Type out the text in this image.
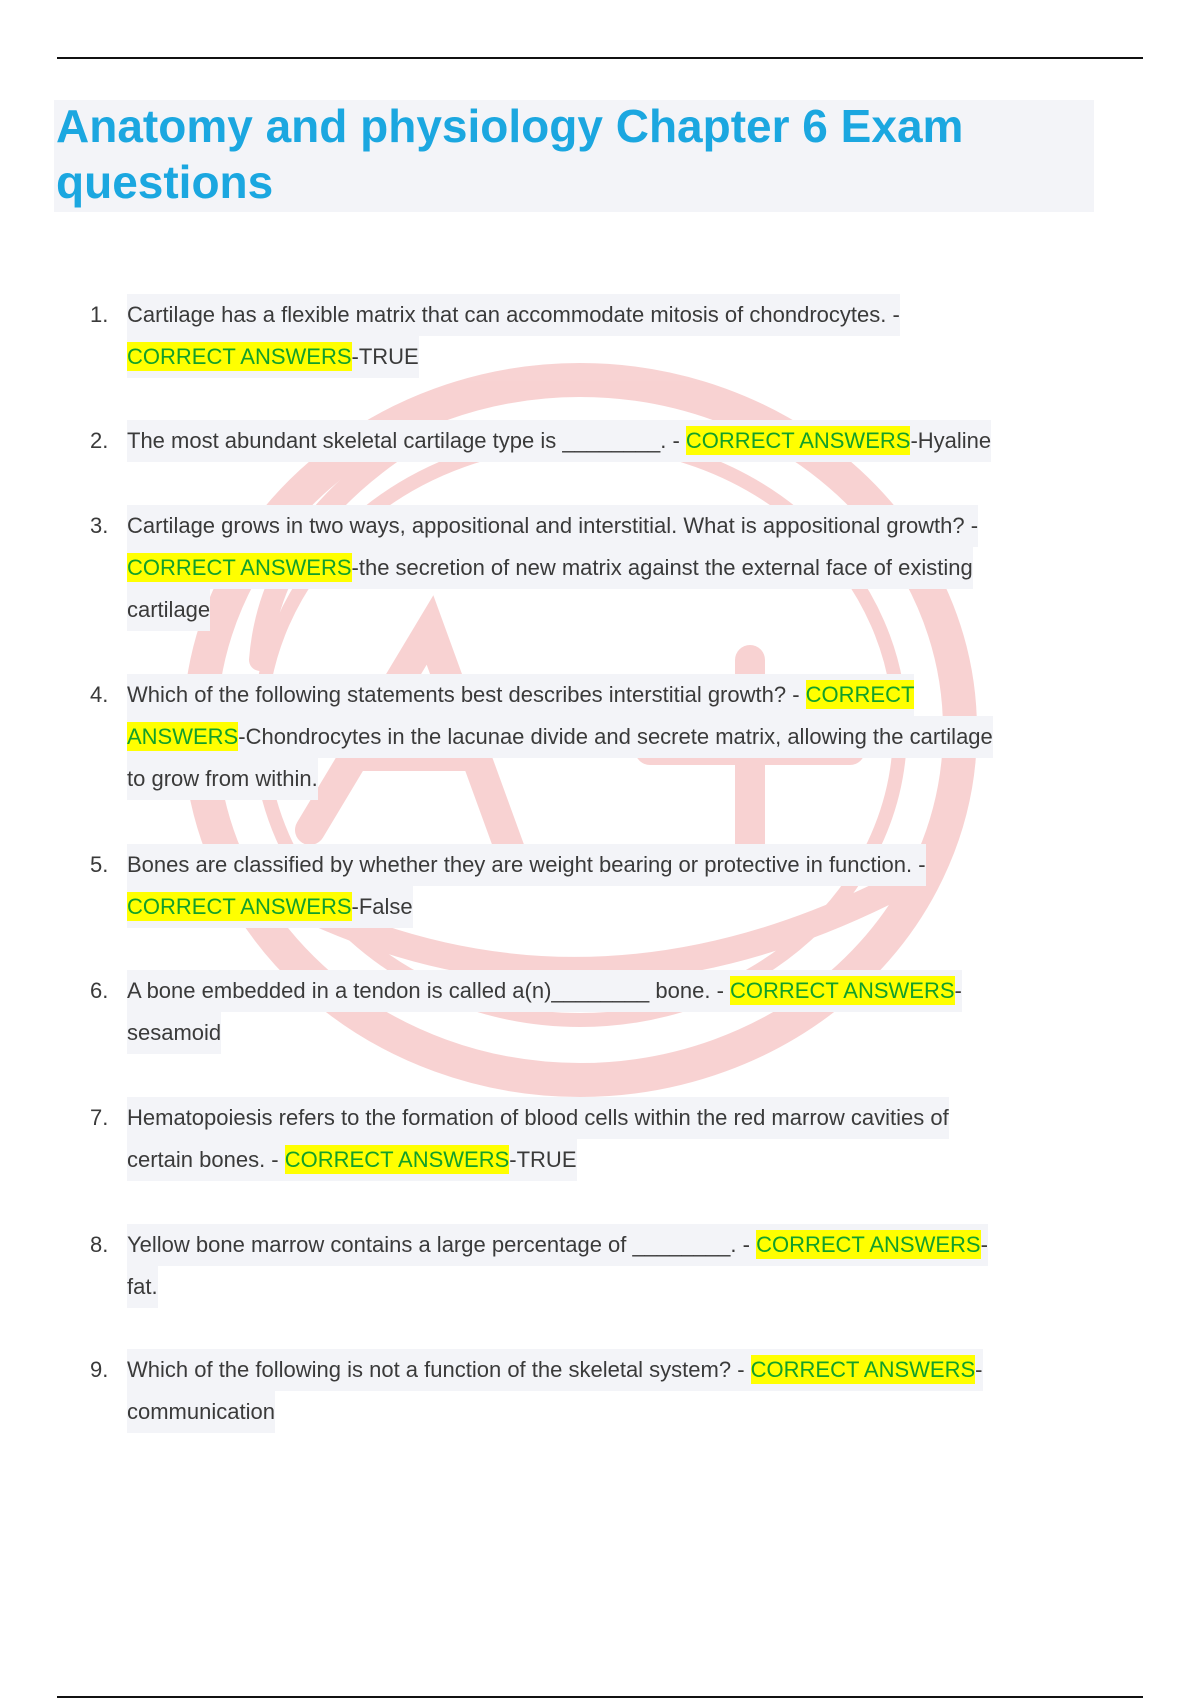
Anatomy and physiology Chapter 6 Exam questions
1. Cartilage has a flexible matrix that can accommodate mitosis of chondrocytes. -
CORRECT ANSWERS-TRUE
2. The most abundant skeletal cartilage type is ________. - CORRECT ANSWERS-Hyaline
3. Cartilage grows in two ways, appositional and interstitial. What is appositional growth? -
CORRECT ANSWERS-the secretion of new matrix against the external face of existing
cartilage
4. Which of the following statements best describes interstitial growth? - CORRECT
ANSWERS-Chondrocytes in the lacunae divide and secrete matrix, allowing the cartilage
to grow from within.
5. Bones are classified by whether they are weight bearing or protective in function. -
CORRECT ANSWERS-False
6. A bone embedded in a tendon is called a(n)________ bone. - CORRECT ANSWERS-
sesamoid
7. Hematopoiesis refers to the formation of blood cells within the red marrow cavities of
certain bones. - CORRECT ANSWERS-TRUE
8. Yellow bone marrow contains a large percentage of ________. - CORRECT ANSWERS-
fat.
9. Which of the following is not a function of the skeletal system? - CORRECT ANSWERS-
communication
